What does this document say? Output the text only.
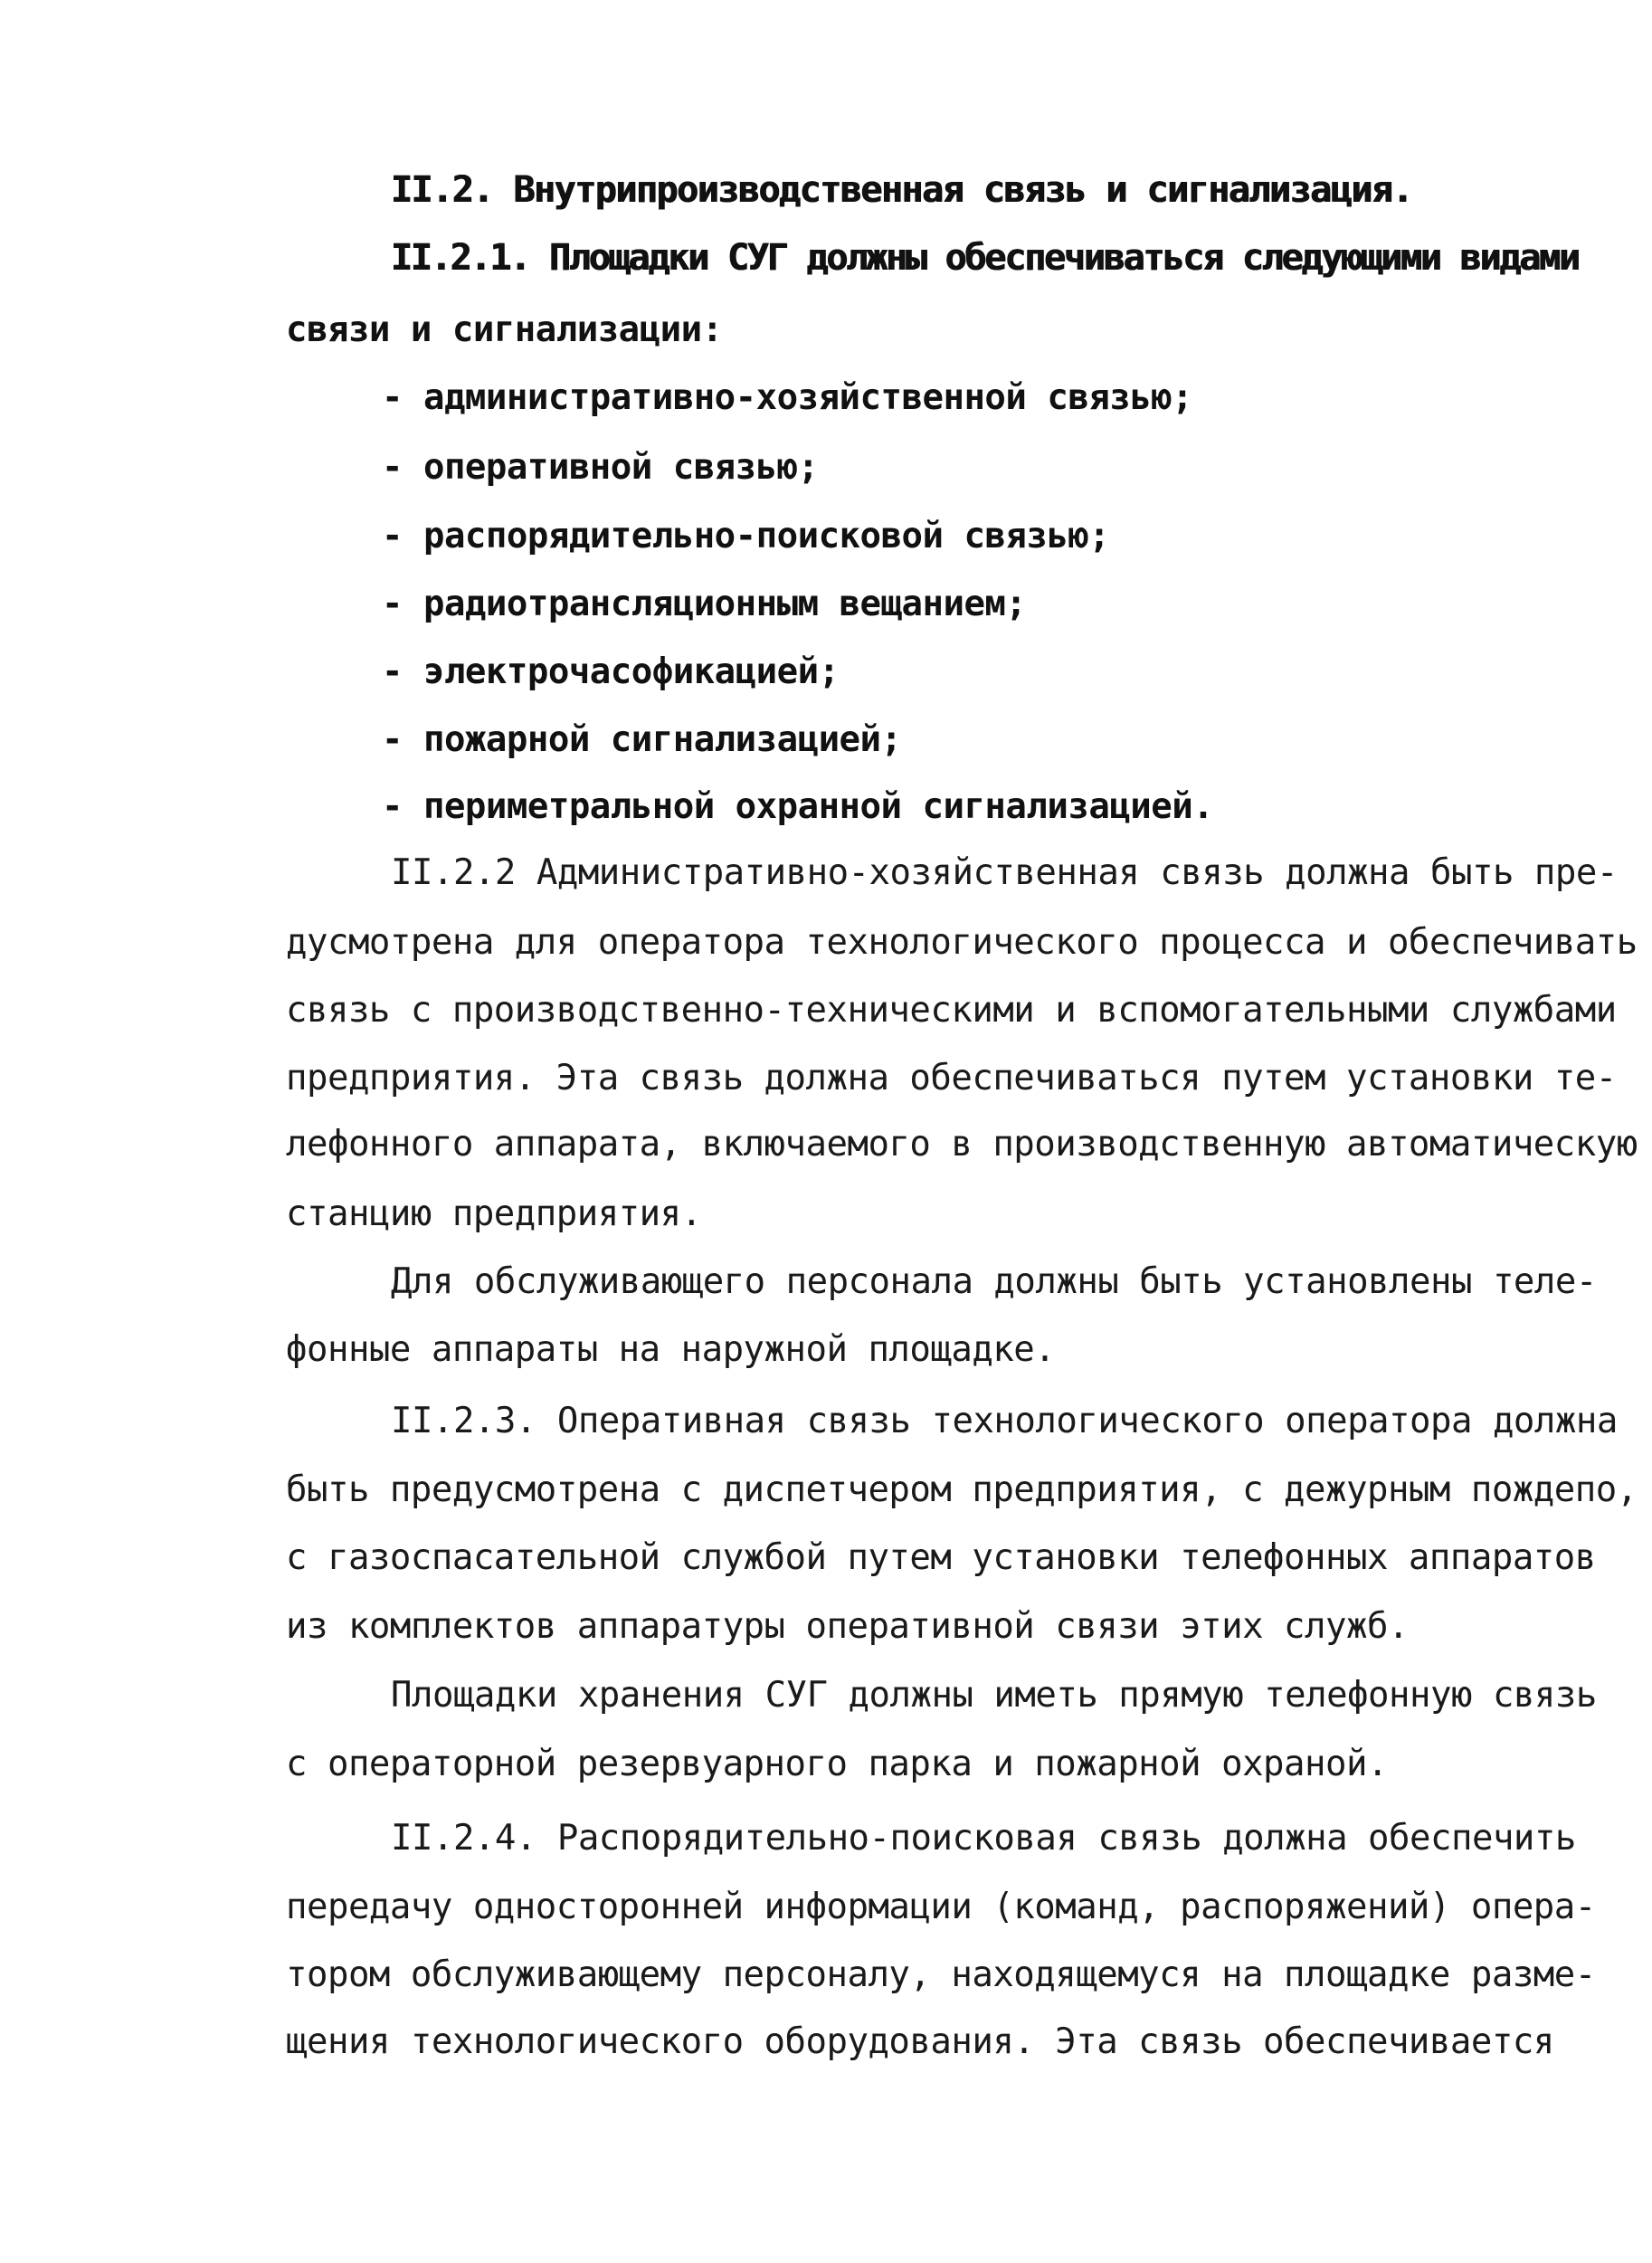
II.2. Внутрипроизводственная связь и сигнализация.
II.2.1. Площадки СУГ должны обеспечиваться следующими видами
связи и сигнализации:
- административно-хозяйственной связью;
- оперативной связью;
- распорядительно-поисковой связью;
- радиотрансляционным вещанием;
- электрочасофикацией;
- пожарной сигнализацией;
- периметральной охранной сигнализацией.
II.2.2 Административно-хозяйственная связь должна быть пре-
дусмотрена для оператора технологического процесса и обеспечивать
связь с производственно-техническими и вспомогательными службами
предприятия. Эта связь должна обеспечиваться путем установки те-
лефонного аппарата, включаемого в производственную автоматическую
станцию предприятия.
Для обслуживающего персонала должны быть установлены теле-
фонные аппараты на наружной площадке.
II.2.3. Оперативная связь технологического оператора должна
быть предусмотрена с диспетчером предприятия, с дежурным пождепо,
с газоспасательной службой путем установки телефонных аппаратов
из комплектов аппаратуры оперативной связи этих служб.
Площадки хранения СУГ должны иметь прямую телефонную связь
с операторной резервуарного парка и пожарной охраной.
II.2.4. Распорядительно-поисковая связь должна обеспечить
передачу односторонней информации (команд, распоряжений) опера-
тором обслуживающему персоналу, находящемуся на площадке разме-
щения технологического оборудования. Эта связь обеспечивается
